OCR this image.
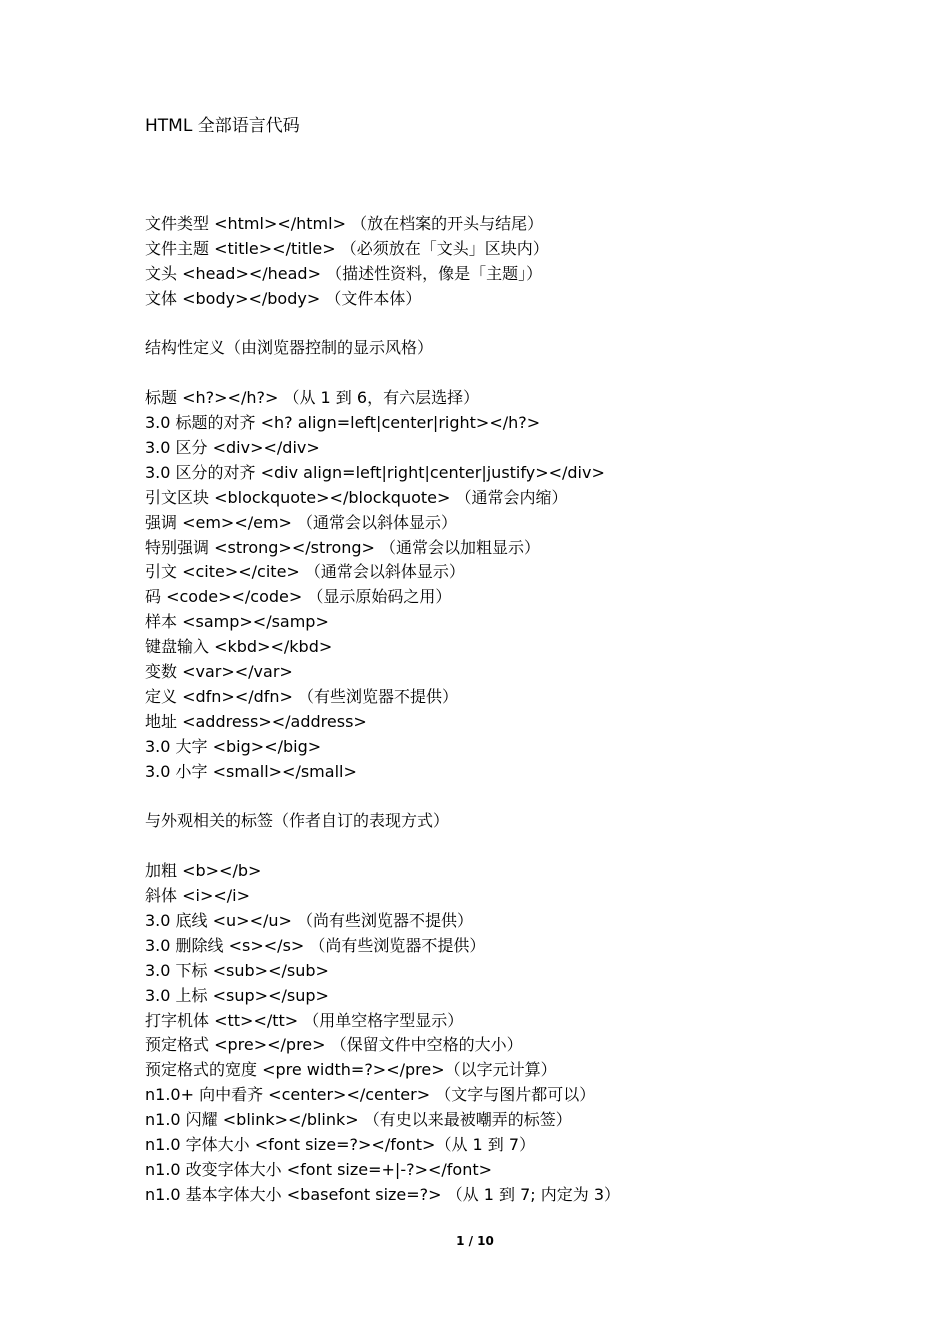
HTML 全部语言代码
文件类型 <html></html> （放在档案的开头与结尾）
文件主题 <title></title> （必须放在「文头」区块内）
文头 <head></head> （描述性资料，像是「主题」）
文体 <body></body> （文件本体）
结构性定义（由浏览器控制的显示风格）
标题 <h?></h?> （从 1 到 6，有六层选择）
3.0 标题的对齐 <h? align=left|center|right></h?>
3.0 区分 <div></div>
3.0 区分的对齐 <div align=left|right|center|justify></div>
引文区块 <blockquote></blockquote> （通常会内缩）
强调 <em></em> （通常会以斜体显示）
特别强调 <strong></strong> （通常会以加粗显示）
引文 <cite></cite> （通常会以斜体显示）
码 <code></code> （显示原始码之用）
样本 <samp></samp>
键盘输入 <kbd></kbd>
变数 <var></var>
定义 <dfn></dfn> （有些浏览器不提供）
地址 <address></address>
3.0 大字 <big></big>
3.0 小字 <small></small>
与外观相关的标签（作者自订的表现方式）
加粗 <b></b>
斜体 <i></i>
3.0 底线 <u></u> （尚有些浏览器不提供）
3.0 删除线 <s></s> （尚有些浏览器不提供）
3.0 下标 <sub></sub>
3.0 上标 <sup></sup>
打字机体 <tt></tt> （用单空格字型显示）
预定格式 <pre></pre> （保留文件中空格的大小）
预定格式的宽度 <pre width=?></pre>（以字元计算）
n1.0+ 向中看齐 <center></center> （文字与图片都可以）
n1.0 闪耀 <blink></blink> （有史以来最被嘲弄的标签）
n1.0 字体大小 <font size=?></font>（从 1 到 7）
n1.0 改变字体大小 <font size=+|-?></font>
n1.0 基本字体大小 <basefont size=?> （从 1 到 7; 内定为 3）
1 / 10
